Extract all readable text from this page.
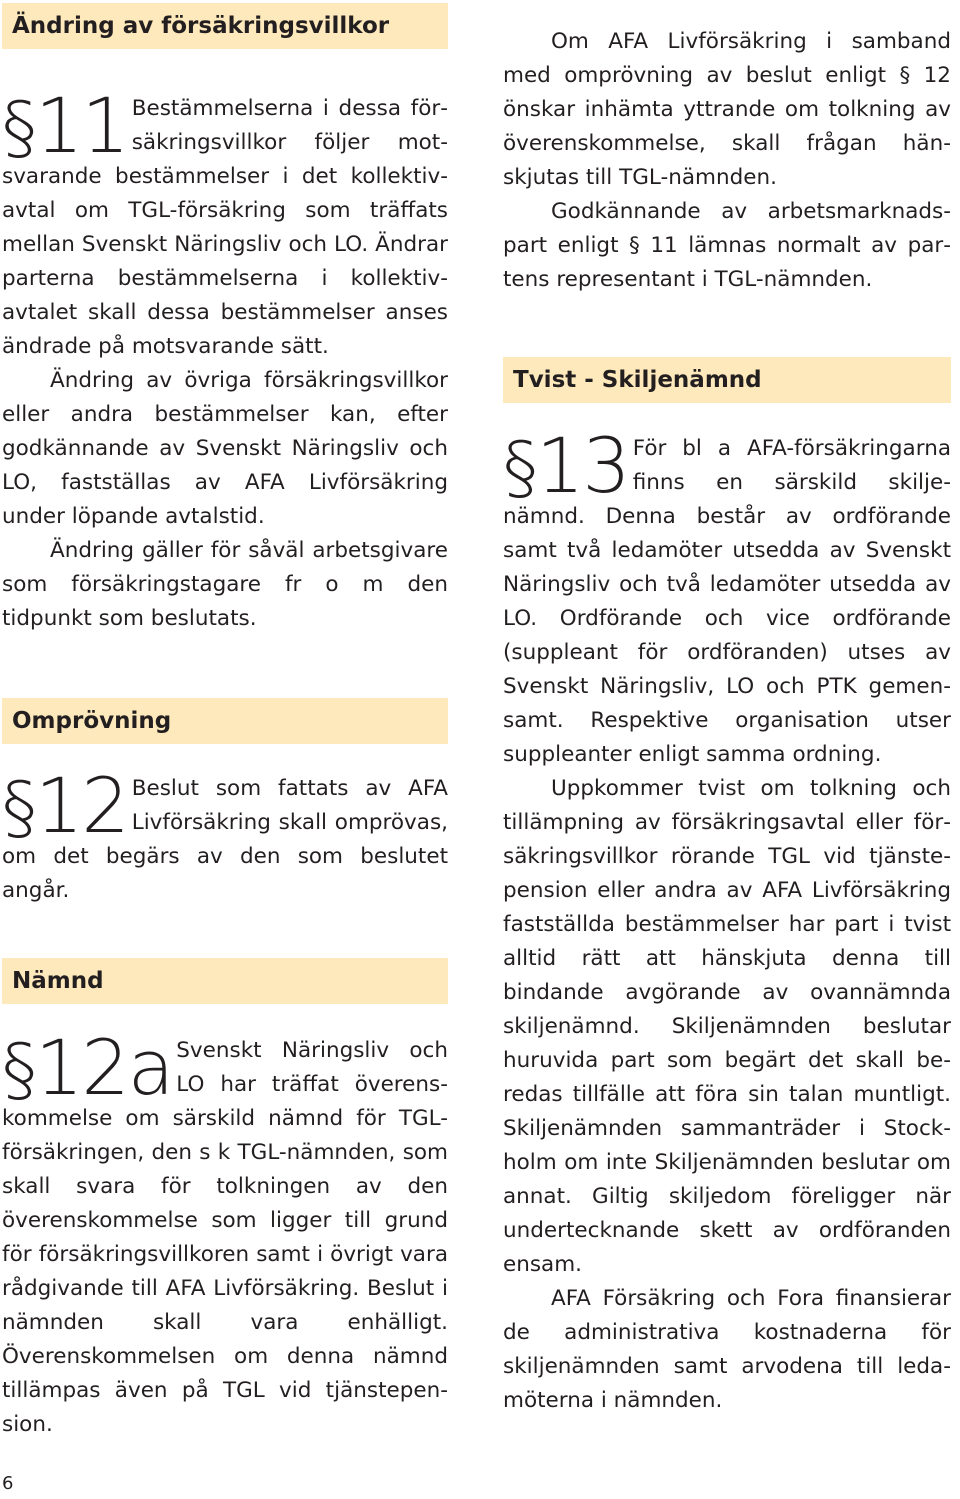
Ändring av försäkringsvillkor
§11 Bestämmelserna i dessa försäkringsvillkor följer motsvarande bestämmelser i det kollektivavtal om TGL-försäkring som träffats mellan Svenskt Näringsliv och LO. Ändrar parterna bestämmelserna i kollektivavtalet skall dessa bestämmelser anses ändrade på motsvarande sätt.

Ändring av övriga försäkringsvillkor eller andra bestämmelser kan, efter godkännande av Svenskt Näringsliv och LO, fastställas av AFA Livförsäkring under löpande avtalstid.

Ändring gäller för såväl arbetsgivare som försäkringstagare fr o m den tidpunkt som beslutats.

Omprövning
§12 Beslut som fattats av AFA Livförsäkring skall omprövas, om det begärs av den som beslutet angår.

Nämnd
§12a Svenskt Näringsliv och LO har träffat överenskommelse om särskild nämnd för TGL-försäkringen, den s k TGL-nämnden, som skall svara för tolkningen av den överenskommelse som ligger till grund för försäkringsvillkoren samt i övrigt vara rådgivande till AFA Livförsäkring. Beslut i nämnden skall vara enhälligt. Överenskommelsen om denna nämnd tillämpas även på TGL vid tjänstepension.

Om AFA Livförsäkring i samband med omprövning av beslut enligt § 12 önskar inhämta yttrande om tolkning av överenskommelse, skall frågan hänskjutas till TGL-nämnden.

Godkännande av arbetsmarknadspart enligt § 11 lämnas normalt av partens representant i TGL-nämnden.

Tvist - Skiljenämnd
§13 För bl a AFA-försäkringarna finns en särskild skiljenämnd. Denna består av ordförande samt två ledamöter utsedda av Svenskt Näringsliv och två ledamöter utsedda av LO. Ordförande och vice ordförande (suppleant för ordföranden) utses av Svenskt Näringsliv, LO och PTK gemensamt. Respektive organisation utser suppleanter enligt samma ordning.

Uppkommer tvist om tolkning och tillämpning av försäkringsavtal eller försäkringsvillkor rörande TGL vid tjänstepension eller andra av AFA Livförsäkring fastställda bestämmelser har part i tvist alltid rätt att hänskjuta denna till bindande avgörande av ovannämnda skiljenämnd. Skiljenämnden beslutar huruvida part som begärt det skall beredas tillfälle att föra sin talan muntligt. Skiljenämnden sammanträder i Stockholm om inte Skiljenämnden beslutar om annat. Giltig skiljedom föreligger när undertecknande skett av ordföranden ensam.

AFA Försäkring och Fora finansierar de administrativa kostnaderna för skiljenämnden samt arvodena till ledamöterna i nämnden.

6
